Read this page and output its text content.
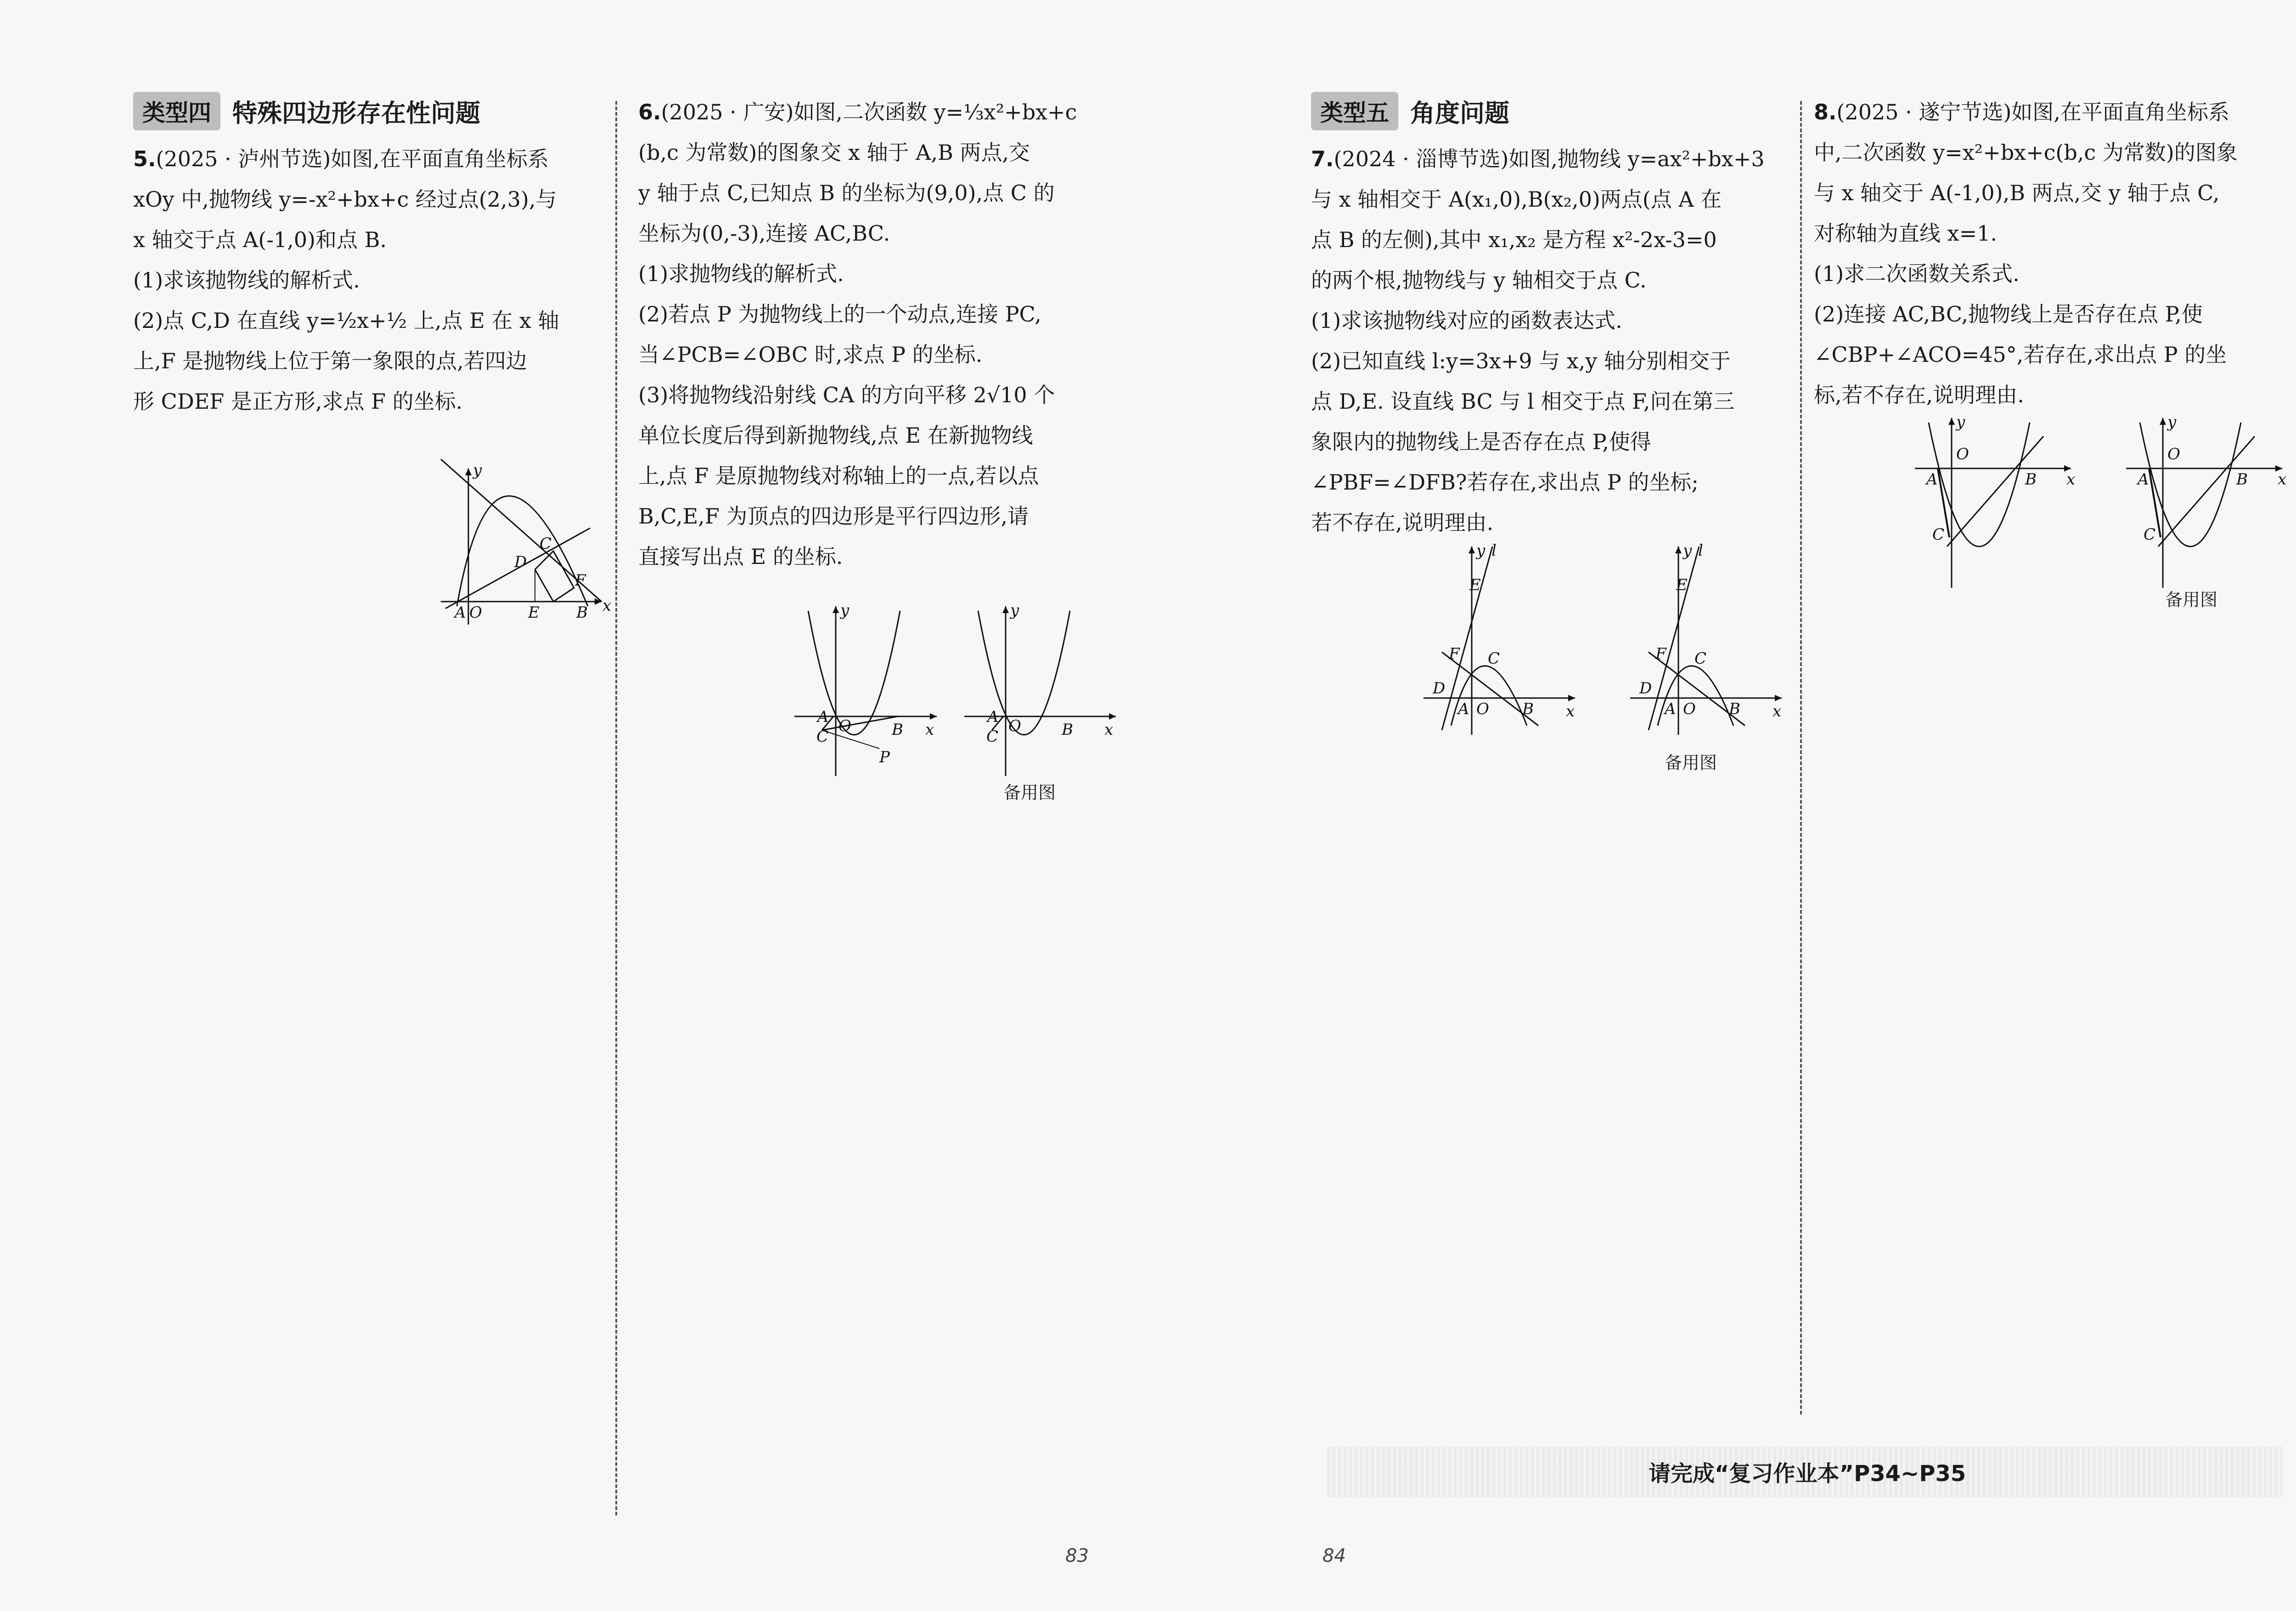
类型四 特殊四边形存在性问题
5.(2025 · 泸州节选)如图,在平面直角坐标系
xOy 中,抛物线 y=-x²+bx+c 经过点(2,3),与
x 轴交于点 A(-1,0)和点 B.
(1)求该抛物线的解析式.
(2)点 C,D 在直线 y=½x+½ 上,点 E 在 x 轴
上,F 是抛物线上位于第一象限的点,若四边
形 CDEF 是正方形,求点 F 的坐标.
y
x
A O	B
C
D
E
F
6.(2025 · 广安)如图,二次函数 y=⅓x²+bx+c
(b,c 为常数)的图象交 x 轴于 A,B 两点,交
y 轴于点 C,已知点 B 的坐标为(9,0),点 C 的
坐标为(0,-3),连接 AC,BC.
(1)求抛物线的解析式.
(2)若点 P 为抛物线上的一个动点,连接 PC,
当∠PCB=∠OBC 时,求点 P 的坐标.
(3)将抛物线沿射线 CA 的方向平移 2√10 个
单位长度后得到新抛物线,点 E 在新抛物线
上,点 F 是原抛物线对称轴上的一点,若以点
B,C,E,F 为顶点的四边形是平行四边形,请
直接写出点 E 的坐标.
y
x
A O	B
C
P
y
x
A O	B
C
备用图
类型五 角度问题
7.(2024 · 淄博节选)如图,抛物线 y=ax²+bx+3
与 x 轴相交于 A(x₁,0),B(x₂,0)两点(点 A 在
点 B 的左侧),其中 x₁,x₂ 是方程 x²-2x-3=0
的两个根,抛物线与 y 轴相交于点 C.
(1)求该抛物线对应的函数表达式.
(2)已知直线 l:y=3x+9 与 x,y 轴分别相交于
点 D,E. 设直线 BC 与 l 相交于点 F,问在第三
象限内的抛物线上是否存在点 P,使得
∠PBF=∠DFB?若存在,求出点 P 的坐标;
若不存在,说明理由.
y
x
l
E
F C
D
A O B
y
x
l
E
F C
D
A O B
备用图
8.(2025 · 遂宁节选)如图,在平面直角坐标系
中,二次函数 y=x²+bx+c(b,c 为常数)的图象
与 x 轴交于 A(-1,0),B 两点,交 y 轴于点 C,
对称轴为直线 x=1.
(1)求二次函数关系式.
(2)连接 AC,BC,抛物线上是否存在点 P,使
∠CBP+∠ACO=45°,若存在,求出点 P 的坐
标,若不存在,说明理由.
y
x
A
O
B
C
y
x
A
O
B
C
备用图
请完成“复习作业本”P34~P35
83	84
